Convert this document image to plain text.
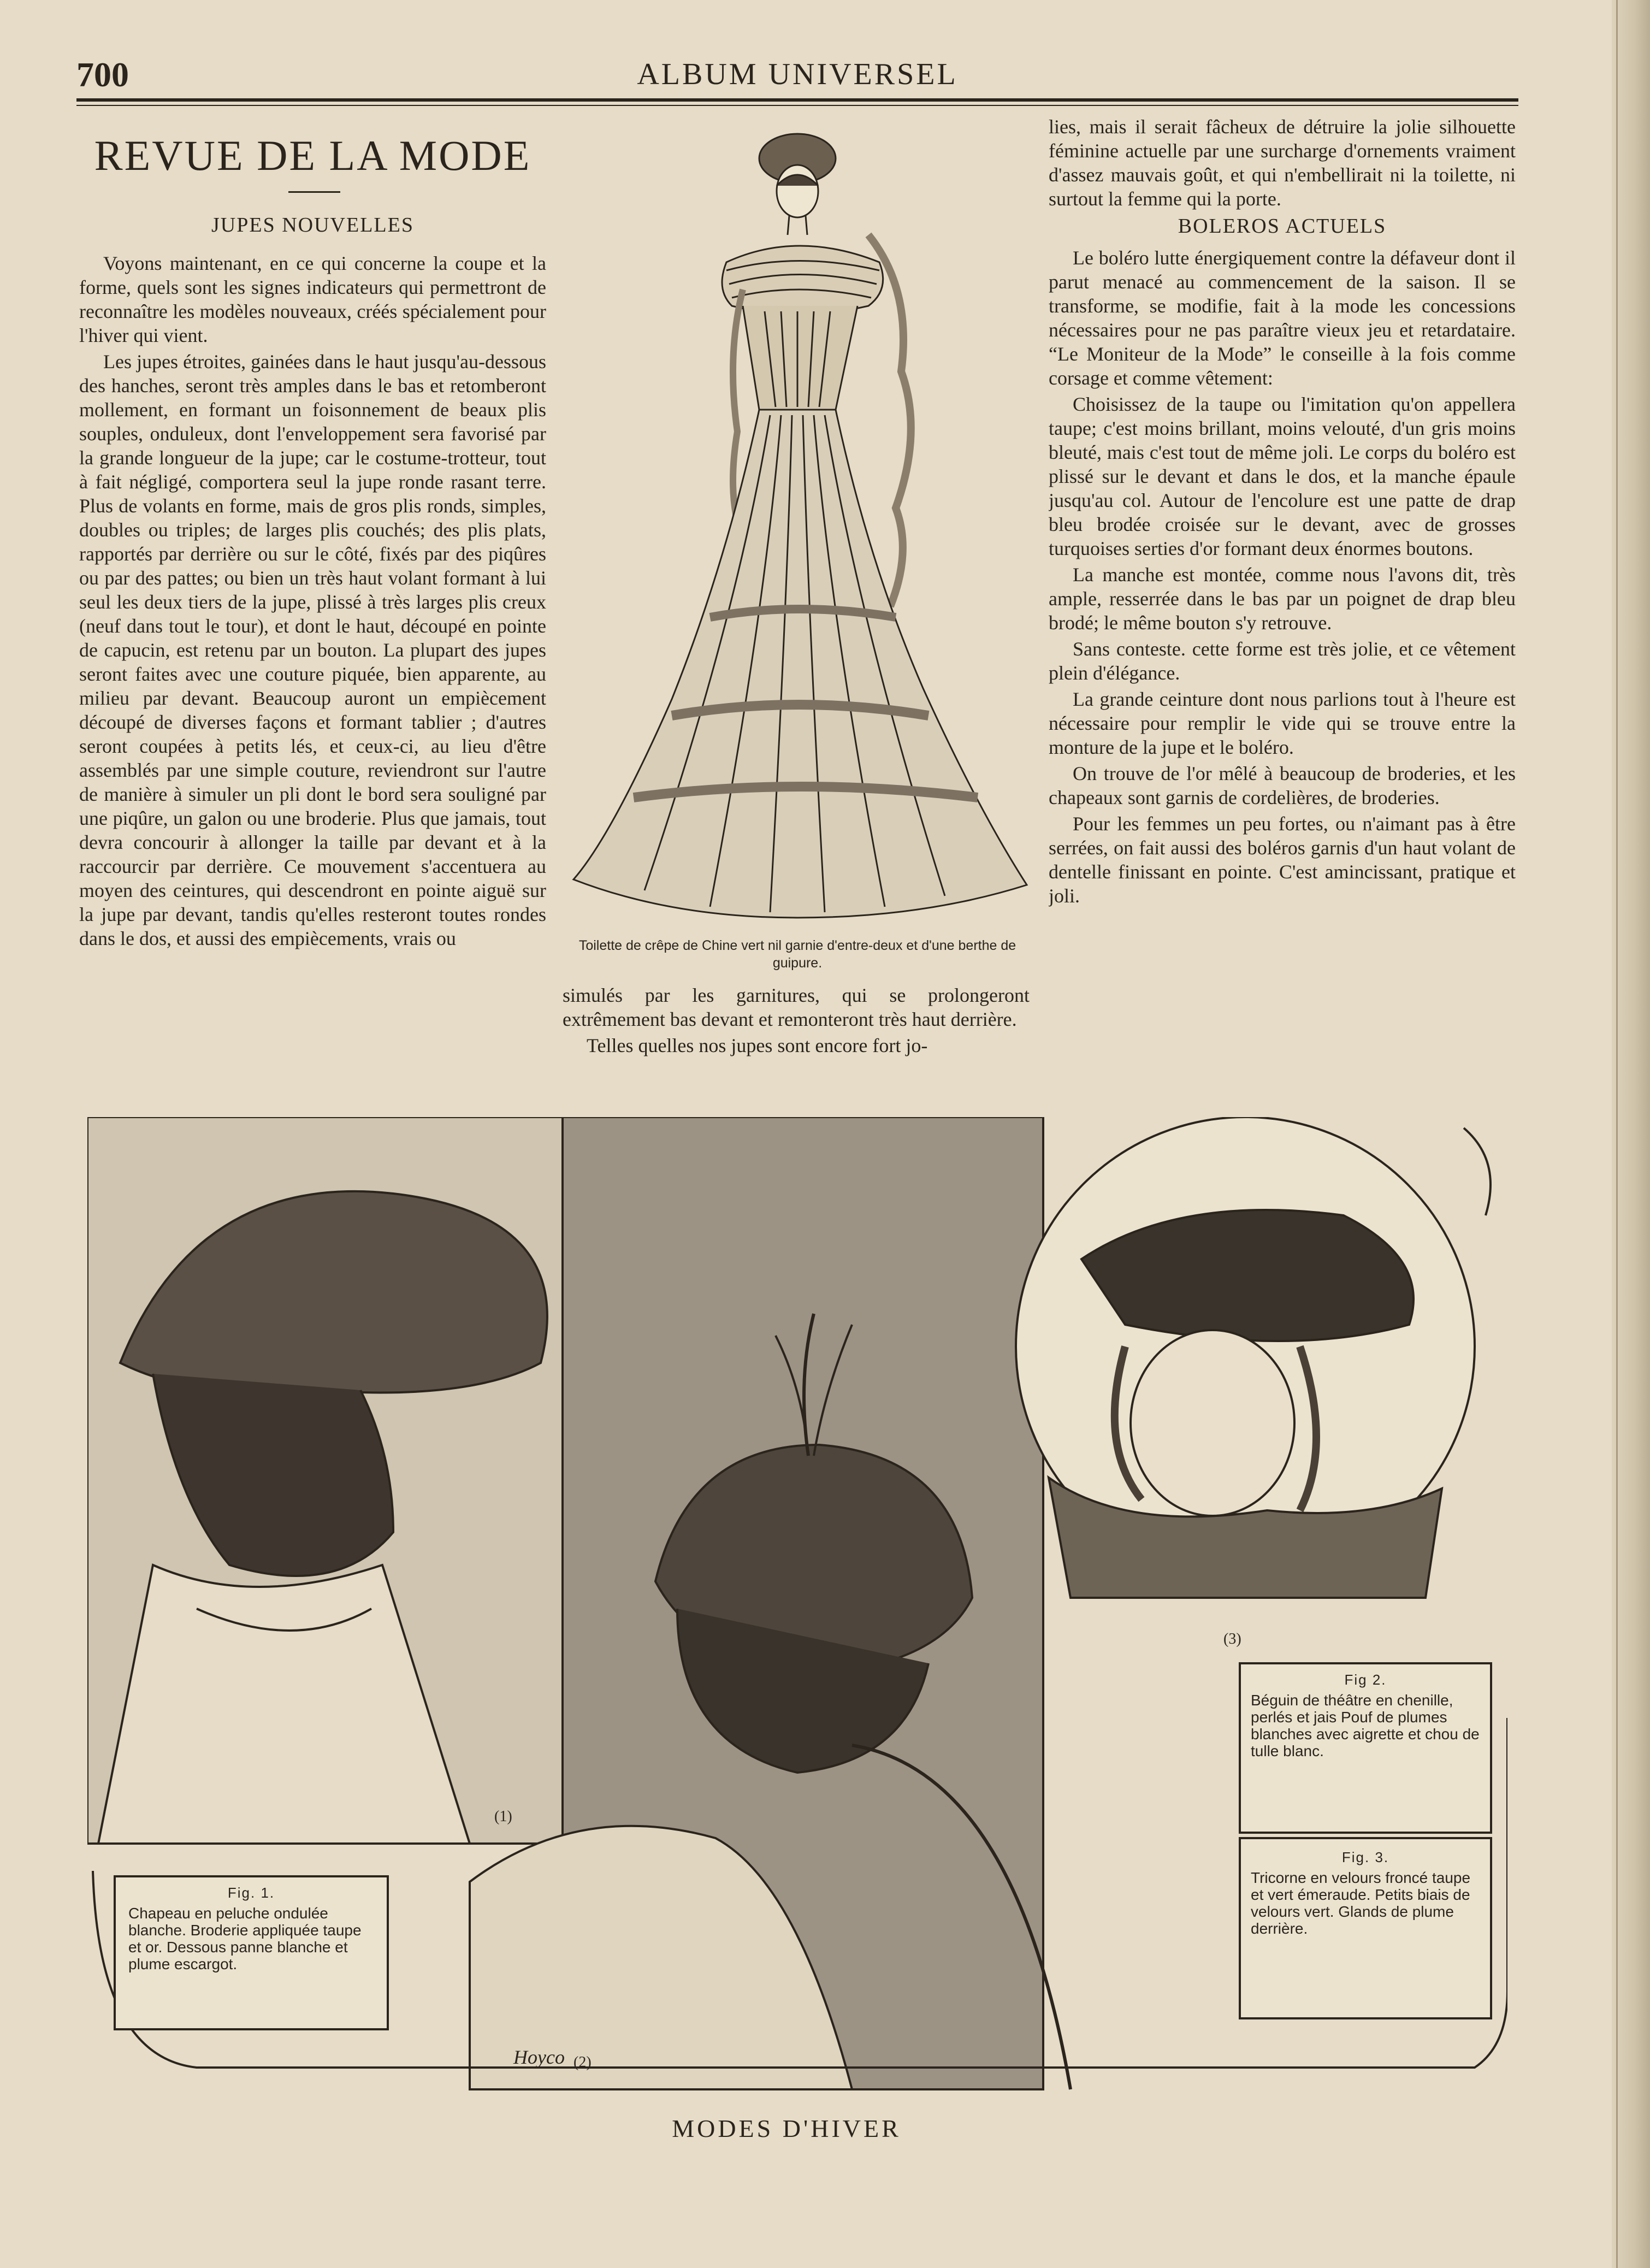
700	ALBUM UNIVERSEL
REVUE DE LA MODE
JUPES NOUVELLES

Voyons maintenant, en ce qui concerne la coupe et la forme, quels sont les signes indicateurs qui permettront de reconnaître les modèles nouveaux, créés spécialement pour l'hiver qui vient.

Les jupes étroites, gainées dans le haut jusqu'au-dessous des hanches, seront très amples dans le bas et retomberont mollement, en formant un foisonnement de beaux plis souples, onduleux, dont l'enveloppement sera favorisé par la grande longueur de la jupe; car le costume-trotteur, tout à fait négligé, comportera seul la jupe ronde rasant terre. Plus de volants en forme, mais de gros plis ronds, simples, doubles ou triples; de larges plis couchés; des plis plats, rapportés par derrière ou sur le côté, fixés par des piqûres ou par des pattes; ou bien un très haut volant formant à lui seul les deux tiers de la jupe, plissé à très larges plis creux (neuf dans tout le tour), et dont le haut, découpé en pointe de capucin, est retenu par un bouton. La plupart des jupes seront faites avec une couture piquée, bien apparente, au milieu par devant. Beaucoup auront un empiècement découpé de diverses façons et formant tablier ; d'autres seront coupées à petits lés, et ceux-ci, au lieu d'être assemblés par une simple couture, reviendront sur l'autre de manière à simuler un pli dont le bord sera souligné par une piqûre, un galon ou une broderie. Plus que jamais, tout devra concourir à allonger la taille par devant et à la raccourcir par derrière. Ce mouvement s'accentuera au moyen des ceintures, qui descendront en pointe aiguë sur la jupe par devant, tandis qu'elles resteront toutes rondes dans le dos, et aussi des empiècements, vrais ou	Toilette de crêpe de Chine vert nil garnie d'entre-deux et d'une berthe de guipure.

simulés par les garnitures, qui se prolongeront extrêmement bas devant et remonteront très haut derrière.

Telles quelles nos jupes sont encore fort jo-

lies, mais il serait fâcheux de détruire la jolie silhouette féminine actuelle par une surcharge d'ornements vraiment d'assez mauvais goût, et qui n'embellirait ni la toilette, ni surtout la femme qui la porte.

BOLEROS ACTUELS

Le boléro lutte énergiquement contre la défaveur dont il parut menacé au commencement de la saison. Il se transforme, se modifie, fait à la mode les concessions nécessaires pour ne pas paraître vieux jeu et retardataire. “Le Moniteur de la Mode” le conseille à la fois comme corsage et comme vêtement:

Choisissez de la taupe ou l'imitation qu'on appellera taupe; c'est moins brillant, moins velouté, d'un gris moins bleuté, mais c'est tout de même joli. Le corps du boléro est plissé sur le devant et dans le dos, et la manche épaule jusqu'au col. Autour de l'encolure est une patte de drap bleu brodée croisée sur le devant, avec de grosses turquoises serties d'or formant deux énormes boutons.

La manche est montée, comme nous l'avons dit, très ample, resserrée dans le bas par un poignet de drap bleu brodé; le même bouton s'y retrouve.

Sans conteste. cette forme est très jolie, et ce vêtement plein d'élégance.

La grande ceinture dont nous parlions tout à l'heure est nécessaire pour remplir le vide qui se trouve entre la monture de la jupe et le boléro.

On trouve de l'or mêlé à beaucoup de broderies, et les chapeaux sont garnis de cordelières, de broderies.

Pour les femmes un peu fortes, ou n'aimant pas à être serrées, on fait aussi des boléros garnis d'un haut volant de dentelle finissant en pointe. C'est amincissant, pratique et joli.

(1)
(2)
(3)
Hoyco
Fig. 1.
Chapeau en peluche ondulée blanche. Broderie appliquée taupe et or. Dessous panne blanche et plume escargot.
Fig 2.
Béguin de théâtre en chenille, perlés et jais Pouf de plumes blanches avec aigrette et chou de tulle blanc.
Fig. 3.
Tricorne en velours froncé taupe et vert émeraude. Petits biais de velours vert. Glands de plume derrière.
MODES D'HIVER
